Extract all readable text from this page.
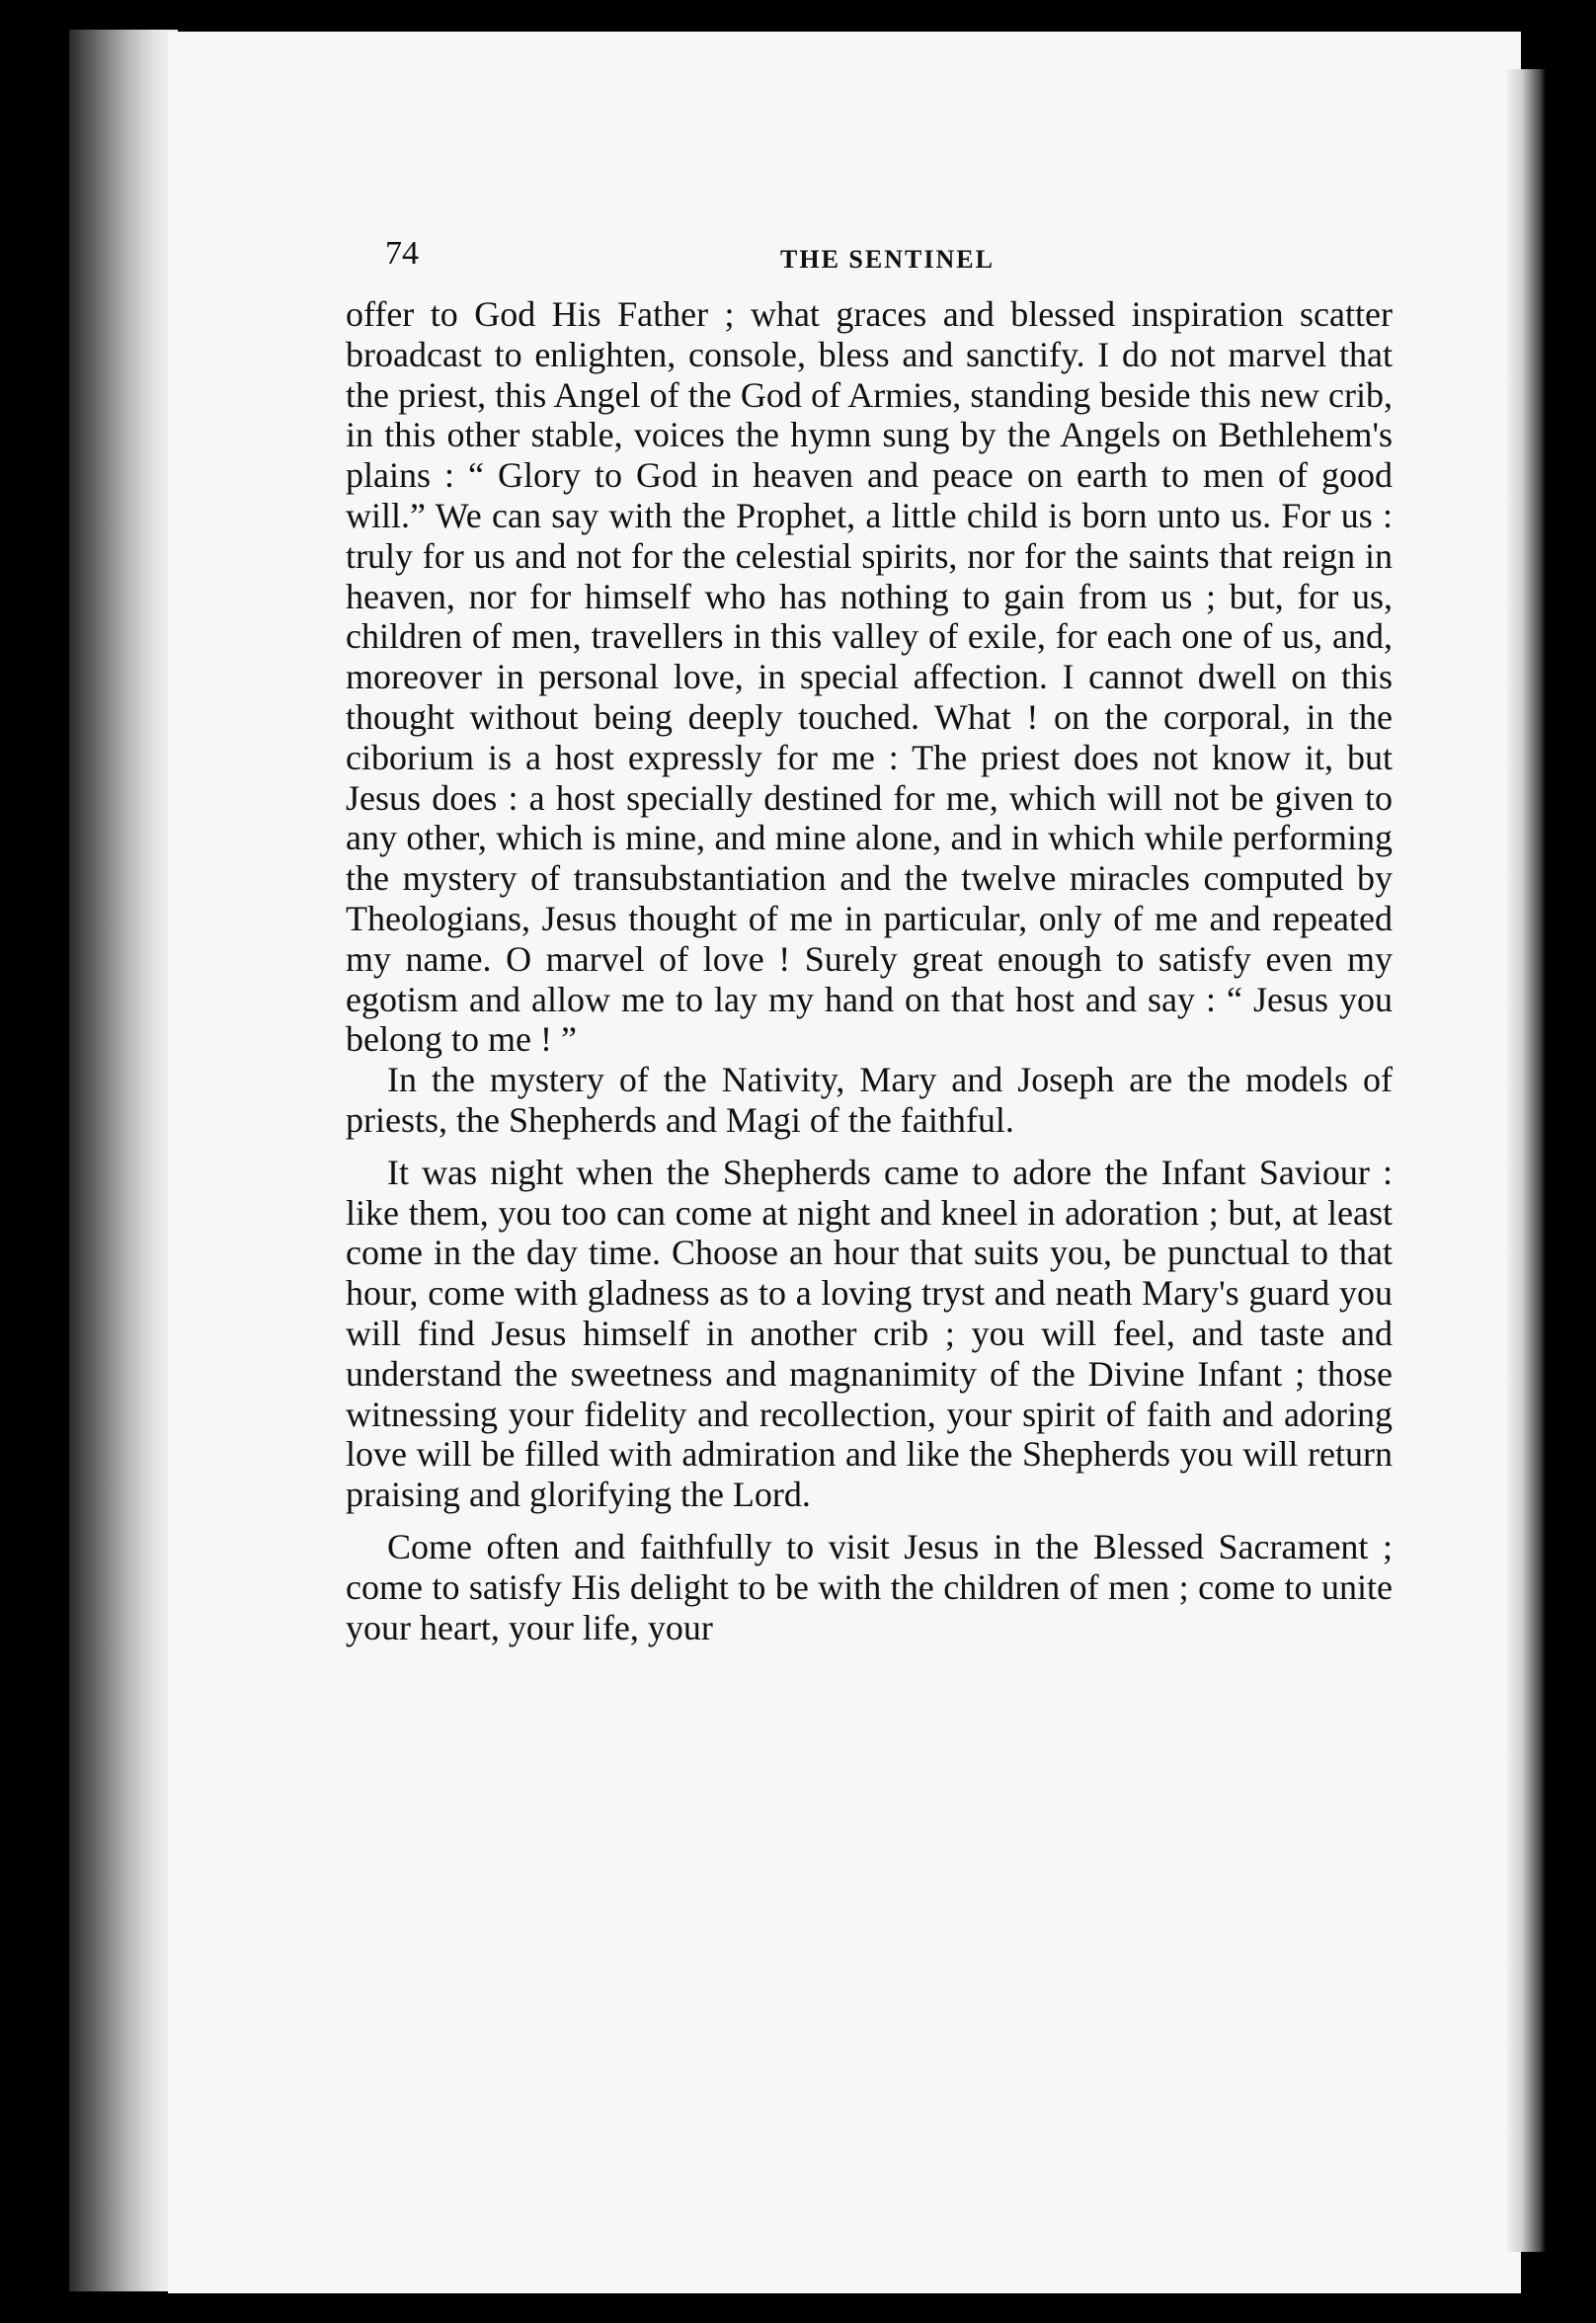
74	THE SENTINEL

offer to God His Father ; what graces and blessed inspiration scatter broadcast to enlighten, console, bless and sanctify. I do not marvel that the priest, this Angel of the God of Armies, standing beside this new crib, in this other stable, voices the hymn sung by the Angels on Bethlehem's plains : “ Glory to God in heaven and peace on earth to men of good will.” We can say with the Prophet, a little child is born unto us. For us : truly for us and not for the celestial spirits, nor for the saints that reign in heaven, nor for himself who has nothing to gain from us ; but, for us, children of men, travellers in this valley of exile, for each one of us, and, moreover in personal love, in special affection. I cannot dwell on this thought without being deeply touched. What ! on the corporal, in the ciborium is a host expressly for me : The priest does not know it, but Jesus does : a host specially destined for me, which will not be given to any other, which is mine, and mine alone, and in which while performing the mystery of transubstantiation and the twelve miracles computed by Theologians, Jesus thought of me in particular, only of me and repeated my name. O marvel of love ! Surely great enough to satisfy even my egotism and allow me to lay my hand on that host and say : “ Jesus you belong to me ! ”

In the mystery of the Nativity, Mary and Joseph are the models of priests, the Shepherds and Magi of the faithful.

It was night when the Shepherds came to adore the Infant Saviour : like them, you too can come at night and kneel in adoration ; but, at least come in the day time. Choose an hour that suits you, be punctual to that hour, come with gladness as to a loving tryst and neath Mary's guard you will find Jesus himself in another crib ; you will feel, and taste and understand the sweetness and magnanimity of the Divine Infant ; those witnessing your fidelity and recollection, your spirit of faith and adoring love will be filled with admiration and like the Shepherds you will return praising and glorifying the Lord.

Come often and faithfully to visit Jesus in the Blessed Sacrament ; come to satisfy His delight to be with the children of men ; come to unite your heart, your life, your
